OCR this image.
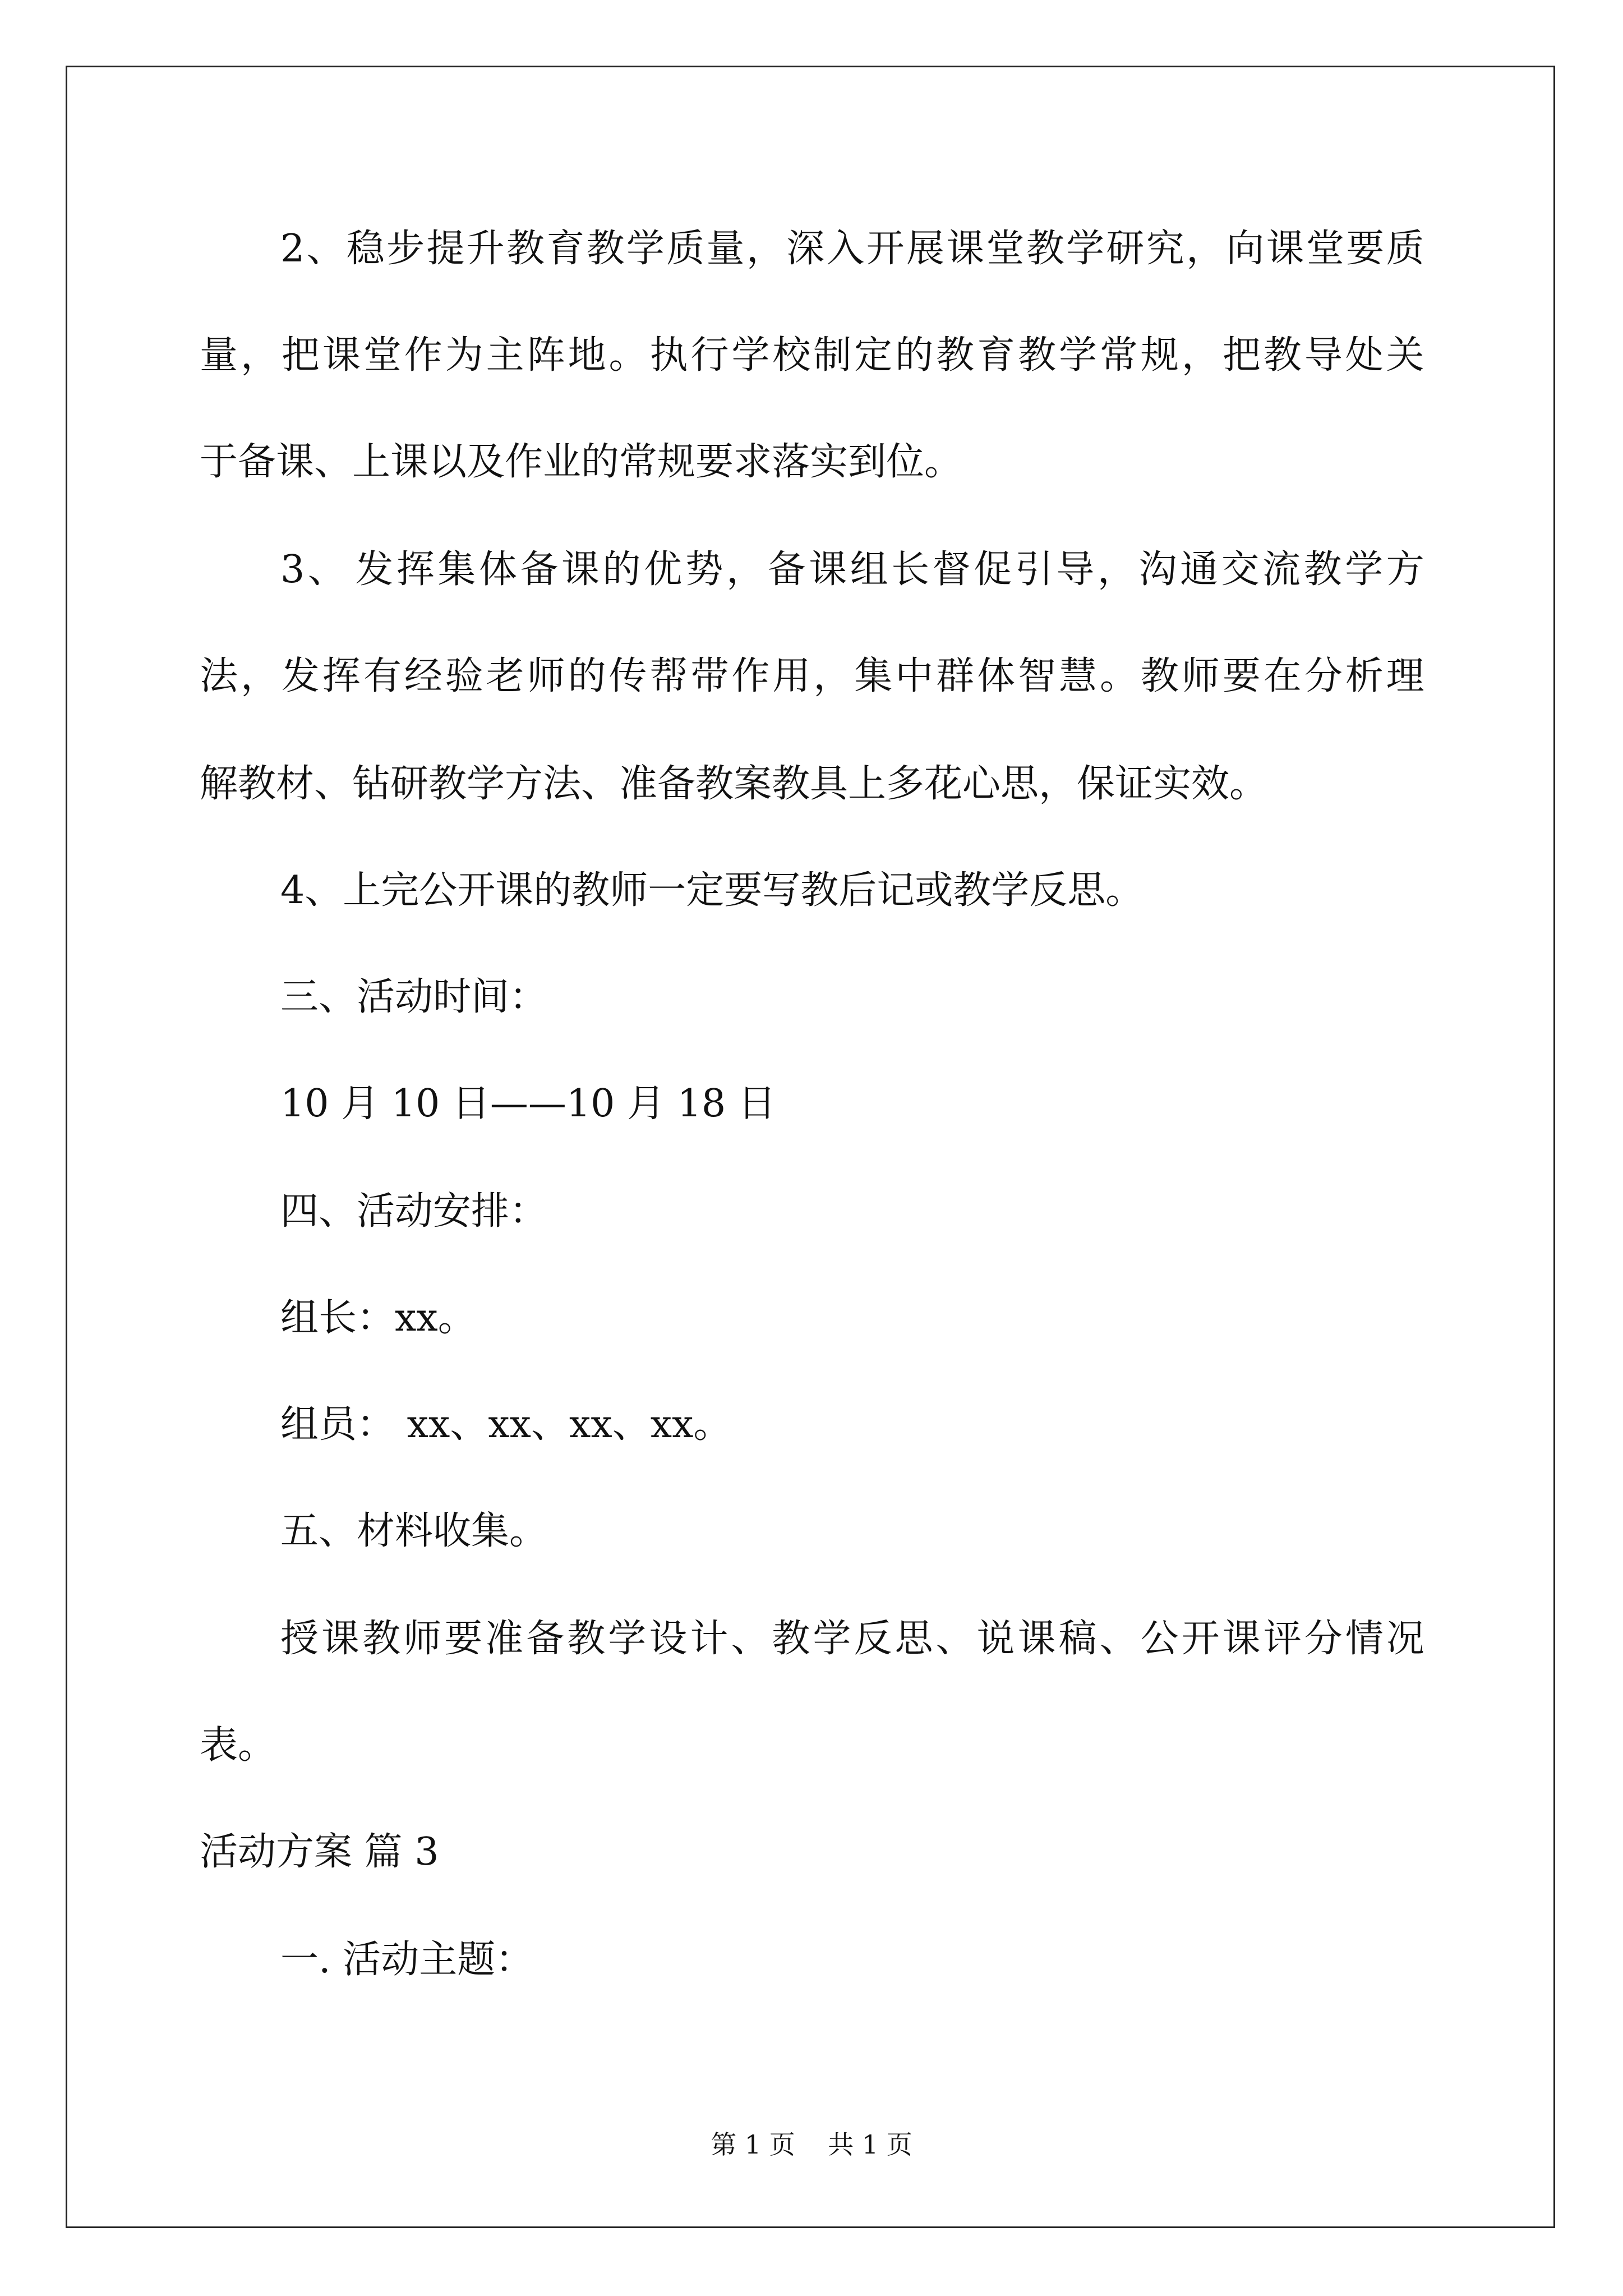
2 、 稳 步 提 升 教 育 教 学 质 量 ， 深 入 开 展 课 堂 教 学 研 究 ， 向 课 堂 要 质

量 ， 把 课 堂 作 为 主 阵 地 。 执 行 学 校 制 定 的 教 育 教 学 常 规 ， 把 教 导 处 关

于备课、上课以及作业的常规要求落实到位。

3 、 发 挥 集 体 备 课 的 优 势 ， 备 课 组 长 督 促 引 导 ， 沟 通 交 流 教 学 方

法 ， 发 挥 有 经 验 老 师 的 传 帮 带 作 用 ， 集 中 群 体 智 慧 。 教 师 要 在 分 析 理

解教材、钻研教学方法、准备教案教具上多花心思，保证实效。

4、上完公开课的教师一定要写教后记或教学反思。

三、活动时间：

10 月 10 日——10 月 18 日

四、活动安排：

组长：xx。

组员： xx、xx、xx、xx。

五、材料收集。

授 课 教 师 要 准 备 教 学 设 计 、 教 学 反 思 、 说 课 稿 、 公 开 课 评 分 情 况

表。

活动方案 篇 3

一. 活动主题：

第 1 页    共 1 页
